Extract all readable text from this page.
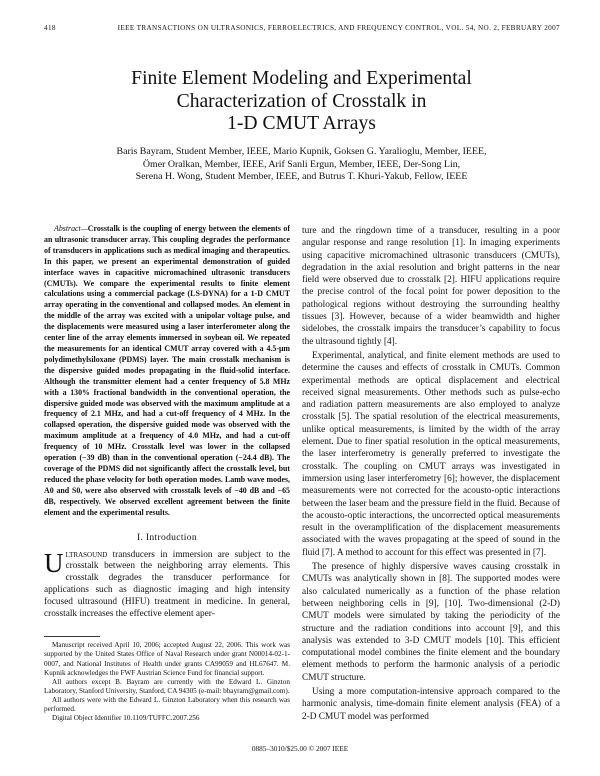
418	IEEE TRANSACTIONS ON ULTRASONICS, FERROELECTRICS, AND FREQUENCY CONTROL, VOL. 54, NO. 2, FEBRUARY 2007
Finite Element Modeling and Experimental
Characterization of Crosstalk in
1-D CMUT Arrays
Baris Bayram, Student Member, IEEE, Mario Kupnik, Goksen G. Yaralioglu, Member, IEEE,
Ömer Oralkan, Member, IEEE, Arif Sanli Ergun, Member, IEEE, Der-Song Lin,
Serena H. Wong, Student Member, IEEE, and Butrus T. Khuri-Yakub, Fellow, IEEE

Abstract—Crosstalk is the coupling of energy between the elements of an ultrasonic transducer array. This coupling degrades the performance of transducers in applications such as medical imaging and therapeutics. In this paper, we present an experimental demonstration of guided interface waves in capacitive micromachined ultrasonic transducers (CMUTs). We compare the experimental results to finite element calculations using a commercial package (LS-DYNA) for a 1-D CMUT array operating in the conventional and collapsed modes. An element in the middle of the array was excited with a unipolar voltage pulse, and the displacements were measured using a laser interferometer along the center line of the array elements immersed in soybean oil. We repeated the measurements for an identical CMUT array covered with a 4.5-μm polydimethylsiloxane (PDMS) layer. The main crosstalk mechanism is the dispersive guided modes propagating in the fluid-solid interface. Although the transmitter element had a center frequency of 5.8 MHz with a 130% fractional bandwidth in the conventional operation, the dispersive guided mode was observed with the maximum amplitude at a frequency of 2.1 MHz, and had a cut-off frequency of 4 MHz. In the collapsed operation, the dispersive guided mode was observed with the maximum amplitude at a frequency of 4.0 MHz, and had a cut-off frequency of 10 MHz. Crosstalk level was lower in the collapsed operation (−39 dB) than in the conventional operation (−24.4 dB). The coverage of the PDMS did not significantly affect the crosstalk level, but reduced the phase velocity for both operation modes. Lamb wave modes, A0 and S0, were also observed with crosstalk levels of −40 dB and −65 dB, respectively. We observed excellent agreement between the finite element and the experimental results.

I. Introduction

Ultrasound transducers in immersion are subject to the crosstalk between the neighboring array elements. This crosstalk degrades the transducer performance for applications such as diagnostic imaging and high intensity focused ultrasound (HIFU) treatment in medicine. In general, crosstalk increases the effective element aper-

Manuscript received April 10, 2006; accepted August 22, 2006. This work was supported by the United States Office of Naval Research under grant N00014-02-1-0007, and National Institutes of Health under grants CA99059 and HL67647. M. Kupnik acknowledges the FWF Austrian Science Fund for financial support.

All authors except B. Bayram are currently with the Edward L. Ginzton Laboratory, Stanford University, Stanford, CA 94305 (e-mail: bbayram@gmail.com).

All authors were with the Edward L. Ginzton Laboratory when this research was performed.

Digital Object Identifier 10.1109/TUFFC.2007.256

ture and the ringdown time of a transducer, resulting in a poor angular response and range resolution [1]. In imaging experiments using capacitive micromachined ultrasonic transducers (CMUTs), degradation in the axial resolution and bright patterns in the near field were observed due to crosstalk [2]. HIFU applications require the precise control of the focal point for power deposition to the pathological regions without destroying the surrounding healthy tissues [3]. However, because of a wider beamwidth and higher sidelobes, the crosstalk impairs the transducer’s capability to focus the ultrasound tightly [4].

Experimental, analytical, and finite element methods are used to determine the causes and effects of crosstalk in CMUTs. Common experimental methods are optical displacement and electrical received signal measurements. Other methods such as pulse-echo and radiation pattern measurements are also employed to analyze crosstalk [5]. The spatial resolution of the electrical measurements, unlike optical measurements, is limited by the width of the array element. Due to finer spatial resolution in the optical measurements, the laser interferometry is generally preferred to investigate the crosstalk. The coupling on CMUT arrays was investigated in immersion using laser interferometry [6]; however, the displacement measurements were not corrected for the acousto-optic interactions between the laser beam and the pressure field in the fluid. Because of the acousto-optic interactions, the uncorrected optical measurements result in the overamplification of the displacement measurements associated with the waves propagating at the speed of sound in the fluid [7]. A method to account for this effect was presented in [7].

The presence of highly dispersive waves causing crosstalk in CMUTs was analytically shown in [8]. The supported modes were also calculated numerically as a function of the phase relation between neighboring cells in [9], [10]. Two-dimensional (2-D) CMUT models were simulated by taking the periodicity of the structure and the radiation conditions into account [9], and this analysis was extended to 3-D CMUT models [10]. This efficient computational model combines the finite element and the boundary element methods to perform the harmonic analysis of a periodic CMUT structure.

Using a more computation-intensive approach compared to the harmonic analysis, time-domain finite element analysis (FEA) of a 2-D CMUT model was performed

0885–3010/$25.00 © 2007 IEEE
